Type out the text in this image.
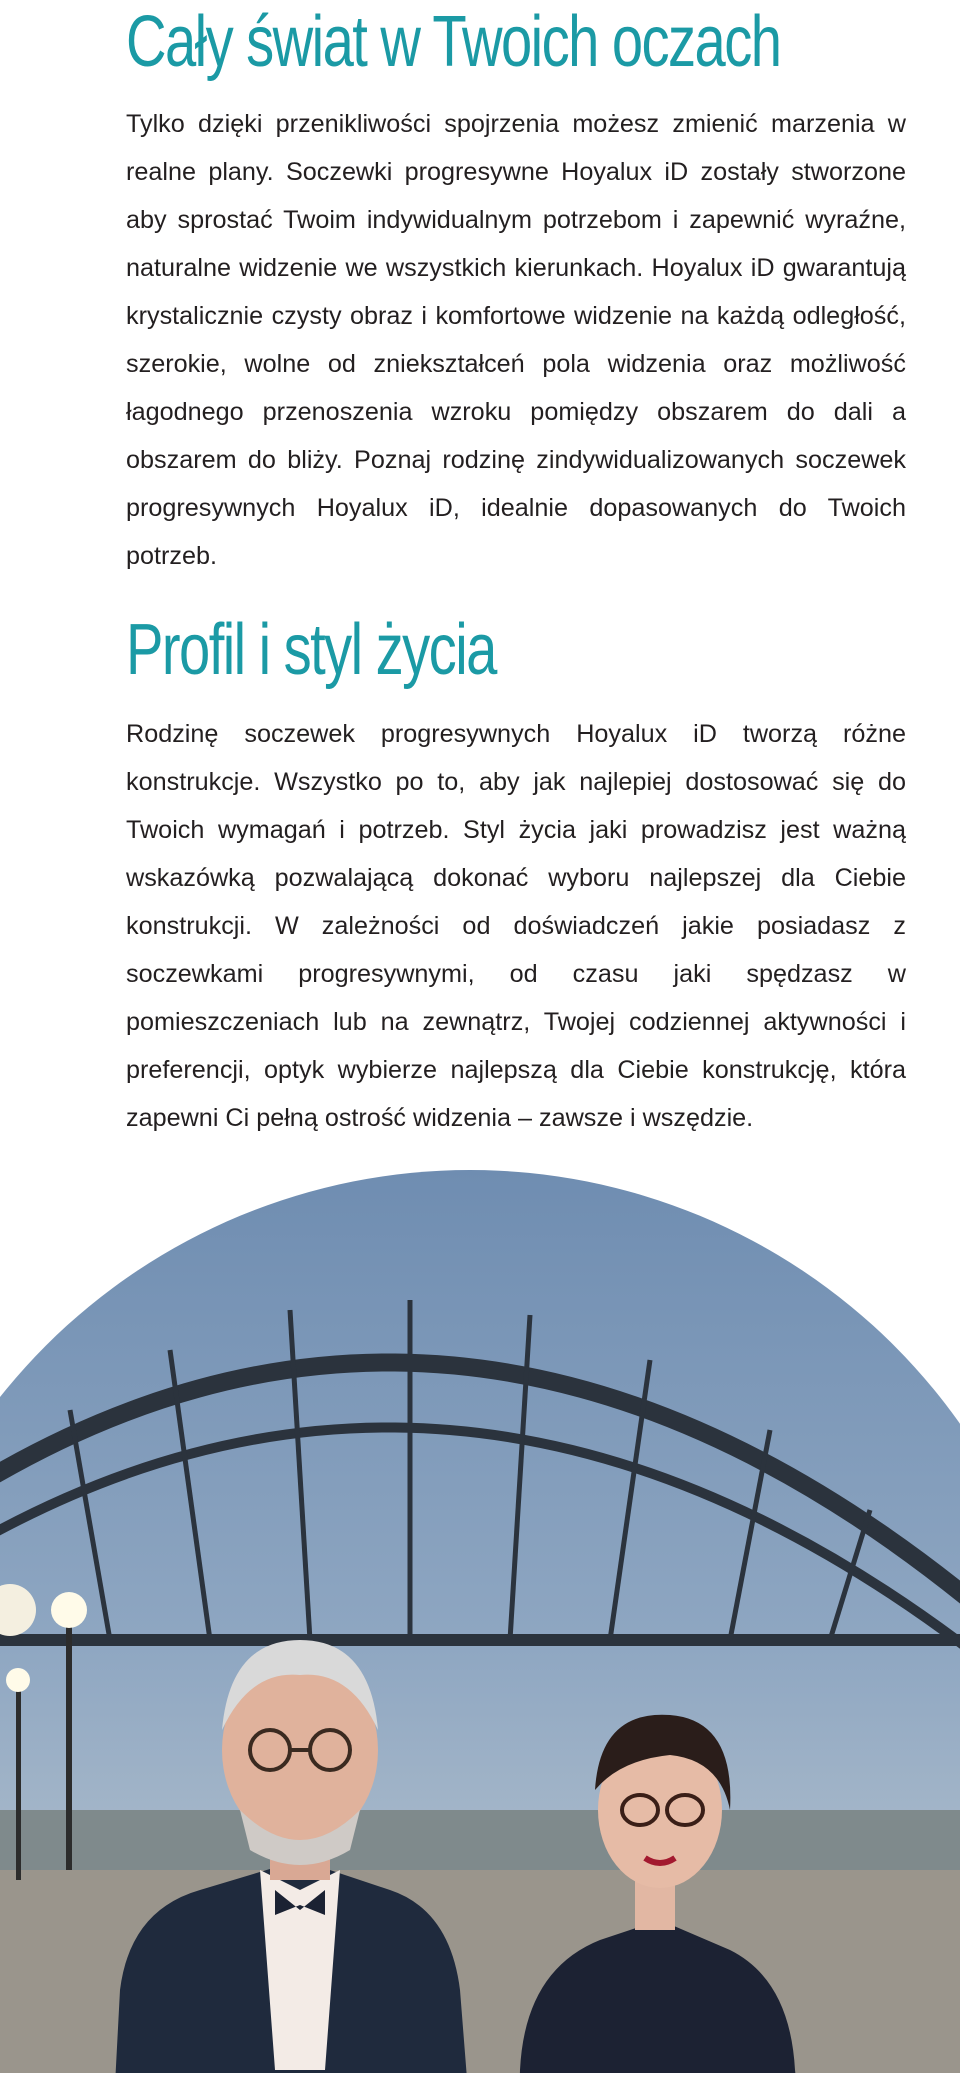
Cały świat w Twoich oczach

Tylko dzięki przenikliwości spojrzenia możesz zmienić marzenia w realne plany. Soczewki progresywne Hoyalux iD zostały stworzone aby sprostać Twoim indywidualnym potrzebom i zapewnić wyraźne, naturalne widzenie we wszystkich kierunkach. Hoyalux iD gwarantują krystalicznie czysty obraz i komfortowe widzenie na każdą odległość, szerokie, wolne od zniekształceń pola widzenia oraz możliwość łagodnego przenoszenia wzroku pomiędzy obszarem do dali a obszarem do bliży. Poznaj rodzinę zindywidualizowanych soczewek progresywnych Hoyalux iD, idealnie dopasowanych do Twoich potrzeb.

Profil i styl życia

Rodzinę soczewek progresywnych Hoyalux iD tworzą różne konstrukcje. Wszystko po to, aby jak najlepiej dostosować się do Twoich wymagań i potrzeb. Styl życia jaki prowadzisz jest ważną wskazówką pozwalającą dokonać wyboru najlepszej dla Ciebie konstrukcji. W zależności od doświadczeń jakie posiadasz z soczewkami progresywnymi, od czasu jaki spędzasz w pomieszczeniach lub na zewnątrz, Twojej codziennej aktywności i preferencji, optyk wybierze najlepszą dla Ciebie konstrukcję, która zapewni Ci pełną ostrość widzenia – zawsze i wszędzie.
